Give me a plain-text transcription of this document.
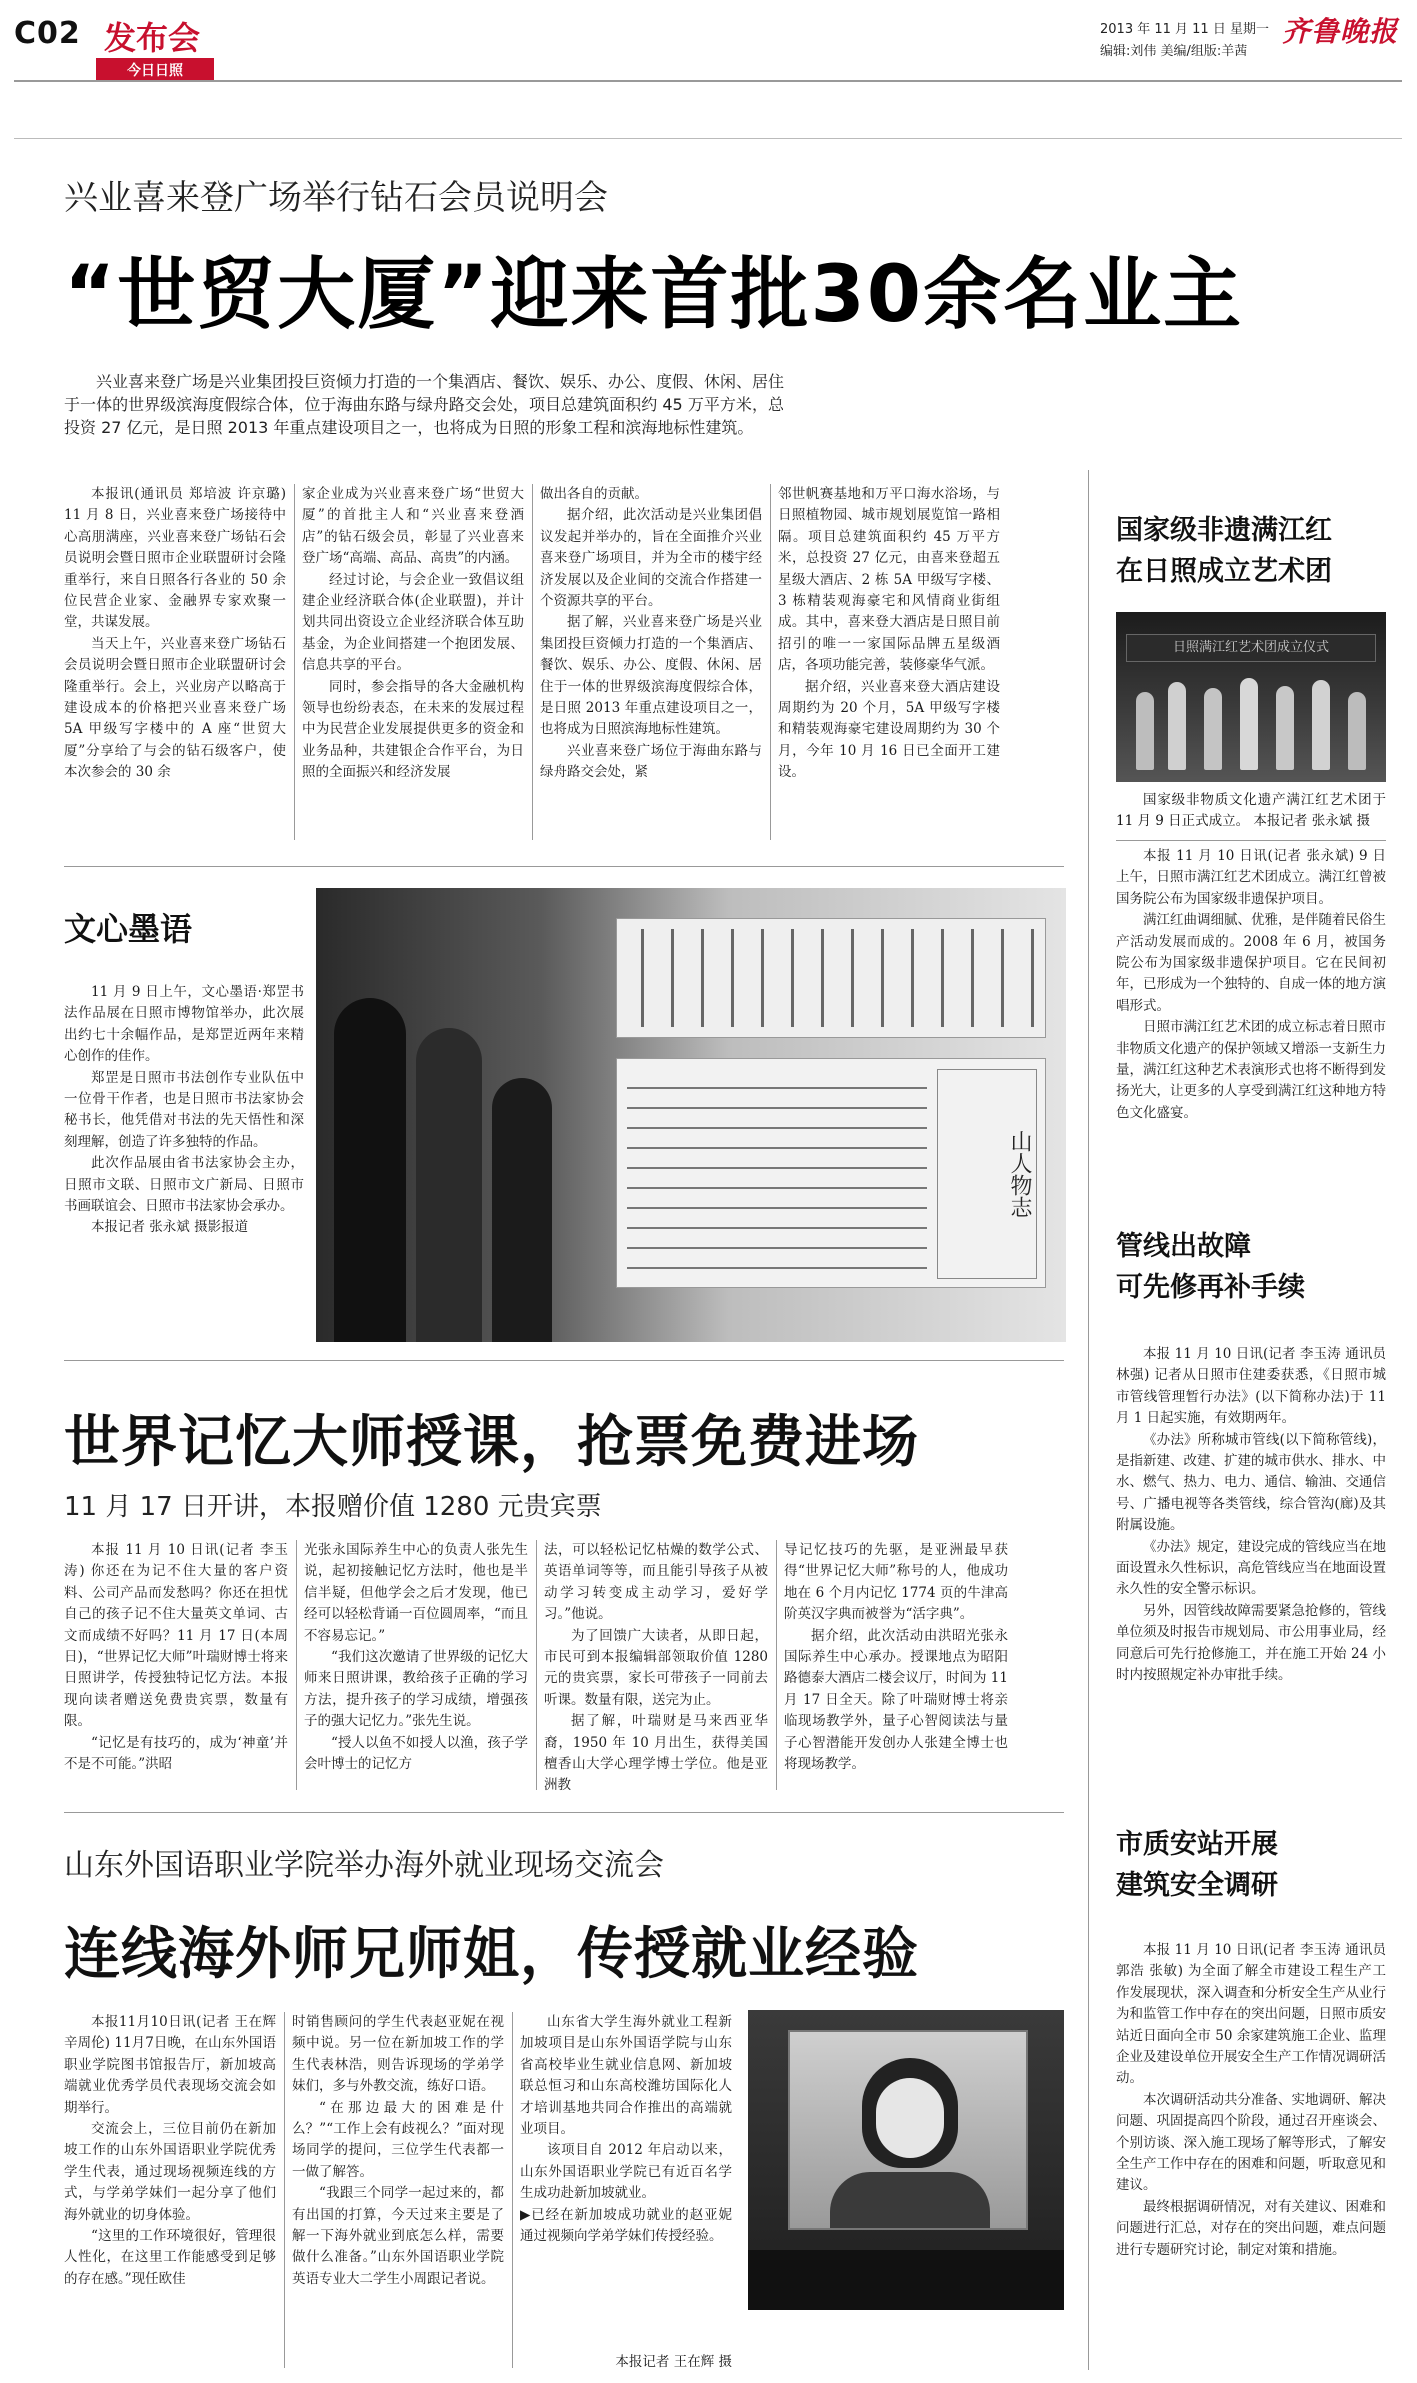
C02 发布会
今日日照
2013 年 11 月 11 日 星期一
编辑:刘伟 美编/组版:羊茜
齐鲁晚报
兴业喜来登广场举行钻石会员说明会
“世贸大厦”迎来首批30余名业主

兴业喜来登广场是兴业集团投巨资倾力打造的一个集酒店、餐饮、娱乐、办公、度假、休闲、居住于一体的世界级滨海度假综合体，位于海曲东路与绿舟路交会处，项目总建筑面积约 45 万平方米，总投资 27 亿元，是日照 2013 年重点建设项目之一，也将成为日照的形象工程和滨海地标性建筑。

本报讯(通讯员 郑培波 许京璐) 11 月 8 日，兴业喜来登广场接待中心高朋满座，兴业喜来登广场钻石会员说明会暨日照市企业联盟研讨会隆重举行，来自日照各行各业的 50 余位民营企业家、金融界专家欢聚一堂，共谋发展。

当天上午，兴业喜来登广场钻石会员说明会暨日照市企业联盟研讨会隆重举行。会上，兴业房产以略高于建设成本的价格把兴业喜来登广场 5A 甲级写字楼中的 A 座“世贸大厦”分享给了与会的钻石级客户，使本次参会的 30 余

家企业成为兴业喜来登广场“世贸大厦”的首批主人和“兴业喜来登酒店”的钻石级会员，彰显了兴业喜来登广场“高端、高品、高贵”的内涵。

经过讨论，与会企业一致倡议组建企业经济联合体(企业联盟)，并计划共同出资设立企业经济联合体互助基金，为企业间搭建一个抱团发展、信息共享的平台。

同时，参会指导的各大金融机构领导也纷纷表态，在未来的发展过程中为民营企业发展提供更多的资金和业务品种，共建银企合作平台，为日照的全面振兴和经济发展

做出各自的贡献。

据介绍，此次活动是兴业集团倡议发起并举办的，旨在全面推介兴业喜来登广场项目，并为全市的楼宇经济发展以及企业间的交流合作搭建一个资源共享的平台。

据了解，兴业喜来登广场是兴业集团投巨资倾力打造的一个集酒店、餐饮、娱乐、办公、度假、休闲、居住于一体的世界级滨海度假综合体，是日照 2013 年重点建设项目之一，也将成为日照滨海地标性建筑。

兴业喜来登广场位于海曲东路与绿舟路交会处，紧

邻世帆赛基地和万平口海水浴场，与日照植物园、城市规划展览馆一路相隔。项目总建筑面积约 45 万平方米，总投资 27 亿元，由喜来登超五星级大酒店、2 栋 5A 甲级写字楼、3 栋精装观海豪宅和风情商业街组成。其中，喜来登大酒店是日照目前招引的唯一一家国际品牌五星级酒店，各项功能完善，装修豪华气派。

据介绍，兴业喜来登大酒店建设周期约为 20 个月，5A 甲级写字楼和精装观海豪宅建设周期约为 30 个月，今年 10 月 16 日已全面开工建设。

国家级非遗满江红
在日照成立艺术团
日照满江红艺术团成立仪式

国家级非物质文化遗产满江红艺术团于 11 月 9 日正式成立。 本报记者 张永斌 摄

本报 11 月 10 日讯(记者 张永斌) 9 日上午，日照市满江红艺术团成立。满江红曾被国务院公布为国家级非遗保护项目。

满江红曲调细腻、优雅，是伴随着民俗生产活动发展而成的。2008 年 6 月，被国务院公布为国家级非遗保护项目。它在民间初年，已形成为一个独特的、自成一体的地方演唱形式。

日照市满江红艺术团的成立标志着日照市非物质文化遗产的保护领域又增添一支新生力量，满江红这种艺术表演形式也将不断得到发扬光大，让更多的人享受到满江红这种地方特色文化盛宴。

管线出故障
可先修再补手续

本报 11 月 10 日讯(记者 李玉涛 通讯员 林强) 记者从日照市住建委获悉，《日照市城市管线管理暂行办法》(以下简称办法)于 11 月 1 日起实施，有效期两年。

《办法》所称城市管线(以下简称管线)，是指新建、改建、扩建的城市供水、排水、中水、燃气、热力、电力、通信、输油、交通信号、广播电视等各类管线，综合管沟(廊)及其附属设施。

《办法》规定，建设完成的管线应当在地面设置永久性标识，高危管线应当在地面设置永久性的安全警示标识。

另外，因管线故障需要紧急抢修的，管线单位须及时报告市规划局、市公用事业局，经同意后可先行抢修施工，并在施工开始 24 小时内按照规定补办审批手续。

市质安站开展
建筑安全调研

本报 11 月 10 日讯(记者 李玉涛 通讯员 郭浩 张敏) 为全面了解全市建设工程生产工作发展现状，深入调查和分析安全生产从业行为和监管工作中存在的突出问题，日照市质安站近日面向全市 50 余家建筑施工企业、监理企业及建设单位开展安全生产工作情况调研活动。

本次调研活动共分准备、实地调研、解决问题、巩固提高四个阶段，通过召开座谈会、个别访谈、深入施工现场了解等形式，了解安全生产工作中存在的困难和问题，听取意见和建议。

最终根据调研情况，对有关建议、困难和问题进行汇总，对存在的突出问题，难点问题进行专题研究讨论，制定对策和措施。

文心墨语

11 月 9 日上午，文心墨语·郑罡书法作品展在日照市博物馆举办，此次展出约七十余幅作品，是郑罡近两年来精心创作的佳作。

郑罡是日照市书法创作专业队伍中一位骨干作者，也是日照市书法家协会秘书长，他凭借对书法的先天悟性和深刻理解，创造了许多独特的作品。

此次作品展由省书法家协会主办，日照市文联、日照市文广新局、日照市书画联谊会、日照市书法家协会承办。

本报记者 张永斌 摄影报道

山人物志
世界记忆大师授课，抢票免费进场
11 月 17 日开讲，本报赠价值 1280 元贵宾票

本报 11 月 10 日讯(记者 李玉涛) 你还在为记不住大量的客户资料、公司产品而发愁吗？你还在担忧自己的孩子记不住大量英文单词、古文而成绩不好吗？11 月 17 日(本周日)，“世界记忆大师”叶瑞财博士将来日照讲学，传授独特记忆方法。本报现向读者赠送免费贵宾票，数量有限。

“记忆是有技巧的，成为‘神童’并不是不可能。”洪昭

光张永国际养生中心的负责人张先生说，起初接触记忆方法时，他也是半信半疑，但他学会之后才发现，他已经可以轻松背诵一百位圆周率，“而且不容易忘记。”

“我们这次邀请了世界级的记忆大师来日照讲课，教给孩子正确的学习方法，提升孩子的学习成绩，增强孩子的强大记忆力。”张先生说。

“授人以鱼不如授人以渔，孩子学会叶博士的记忆方

法，可以轻松记忆枯燥的数学公式、英语单词等等，而且能引导孩子从被动学习转变成主动学习，爱好学习。”他说。

为了回馈广大读者，从即日起，市民可到本报编辑部领取价值 1280 元的贵宾票，家长可带孩子一同前去听课。数量有限，送完为止。

据了解，叶瑞财是马来西亚华裔，1950 年 10 月出生，获得美国檀香山大学心理学博士学位。他是亚洲教

导记忆技巧的先驱，是亚洲最早获得“世界记忆大师”称号的人，他成功地在 6 个月内记忆 1774 页的牛津高阶英汉字典而被誉为“活字典”。

据介绍，此次活动由洪昭光张永国际养生中心承办。授课地点为昭阳路德泰大酒店二楼会议厅，时间为 11 月 17 日全天。除了叶瑞财博士将亲临现场教学外，量子心智阅读法与量子心智潜能开发创办人张建全博士也将现场教学。

山东外国语职业学院举办海外就业现场交流会
连线海外师兄师姐，传授就业经验

本报11月10日讯(记者 王在辉 辛周伦) 11月7日晚，在山东外国语职业学院图书馆报告厅，新加坡高端就业优秀学员代表现场交流会如期举行。

交流会上，三位目前仍在新加坡工作的山东外国语职业学院优秀学生代表，通过现场视频连线的方式，与学弟学妹们一起分享了他们海外就业的切身体验。

“这里的工作环境很好，管理很人性化，在这里工作能感受到足够的存在感。”现任欧佳

时销售顾问的学生代表赵亚妮在视频中说。另一位在新加坡工作的学生代表林浩，则告诉现场的学弟学妹们，多与外教交流，练好口语。

“在那边最大的困难是什么？”“工作上会有歧视么？”面对现场同学的提问，三位学生代表都一一做了解答。

“我跟三个同学一起过来的，都有出国的打算，今天过来主要是了解一下海外就业到底怎么样，需要做什么准备。”山东外国语职业学院英语专业大二学生小周跟记者说。

山东省大学生海外就业工程新加坡项目是山东外国语学院与山东省高校毕业生就业信息网、新加坡联总恒习和山东高校潍坊国际化人才培训基地共同合作推出的高端就业项目。

该项目自 2012 年启动以来，山东外国语职业学院已有近百名学生成功赴新加坡就业。

▶已经在新加坡成功就业的赵亚妮通过视频向学弟学妹们传授经验。

本报记者 王在辉 摄
